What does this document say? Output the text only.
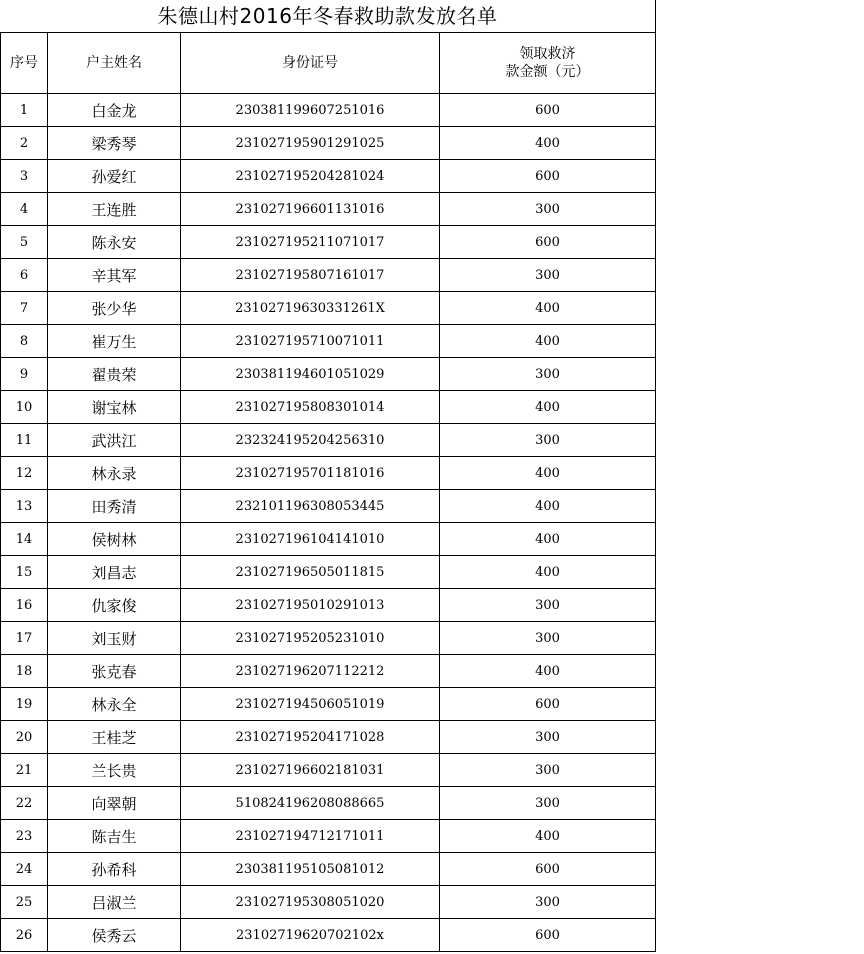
朱德山村2016年冬春救助款发放名单
序号	户主姓名	身份证号	领取救济
款金额（元）
1	白金龙	230381199607251016	600
2	梁秀琴	231027195901291025	400
3	孙爱红	231027195204281024	600
4	王连胜	231027196601131016	300
5	陈永安	231027195211071017	600
6	辛其军	231027195807161017	300
7	张少华	23102719630331261X	400
8	崔万生	231027195710071011	400
9	翟贵荣	230381194601051029	300
10	谢宝林	231027195808301014	400
11	武洪江	232324195204256310	300
12	林永录	231027195701181016	400
13	田秀清	232101196308053445	400
14	侯树林	231027196104141010	400
15	刘昌志	231027196505011815	400
16	仇家俊	231027195010291013	300
17	刘玉财	231027195205231010	300
18	张克春	231027196207112212	400
19	林永全	231027194506051019	600
20	王桂芝	231027195204171028	300
21	兰长贵	231027196602181031	300
22	向翠朝	510824196208088665	300
23	陈吉生	231027194712171011	400
24	孙希科	230381195105081012	600
25	吕淑兰	231027195308051020	300
26	侯秀云	23102719620702102x	600
